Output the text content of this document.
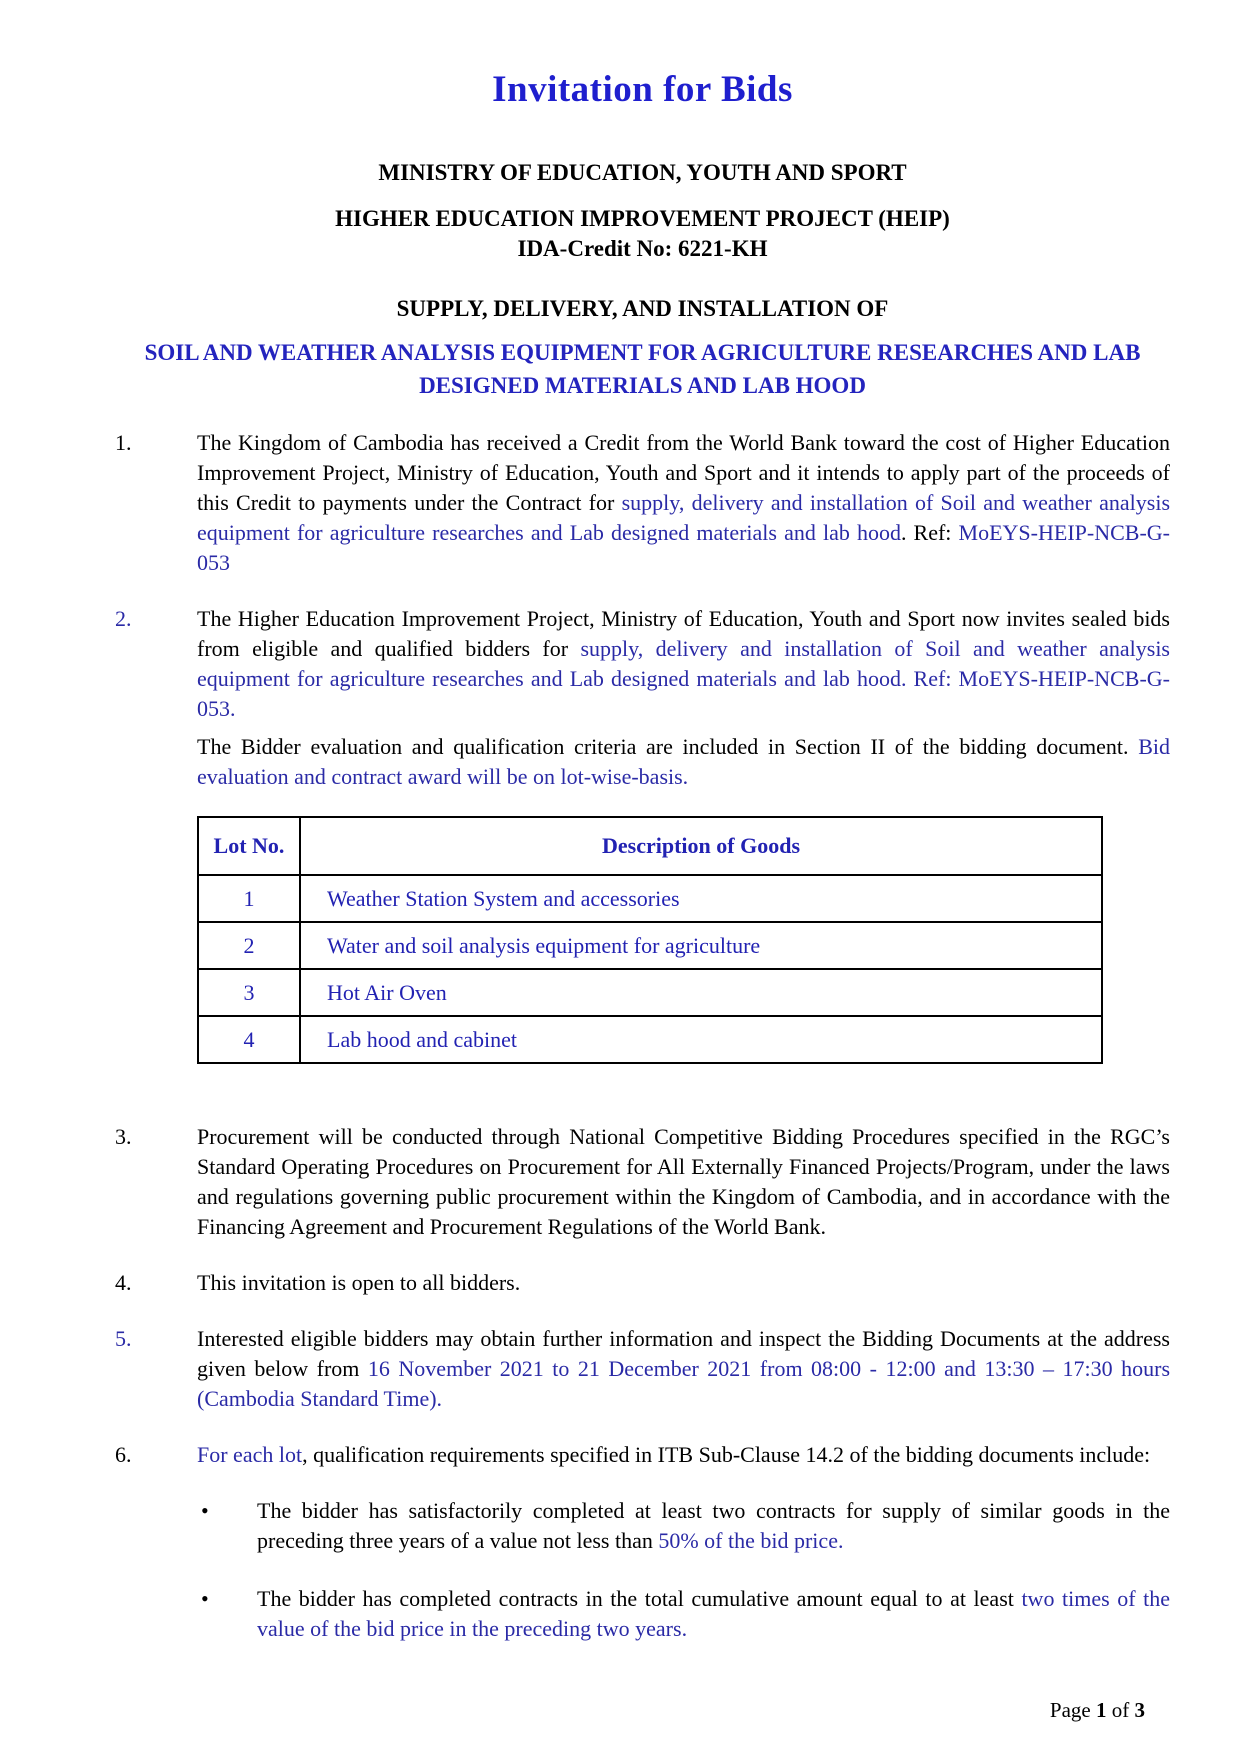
Invitation for Bids
MINISTRY OF EDUCATION, YOUTH AND SPORT
HIGHER EDUCATION IMPROVEMENT PROJECT (HEIP)
IDA-Credit No: 6221-KH
SUPPLY, DELIVERY, AND INSTALLATION OF
SOIL AND WEATHER ANALYSIS EQUIPMENT FOR AGRICULTURE RESEARCHES AND LAB DESIGNED MATERIALS AND LAB HOOD
1.	The Kingdom of Cambodia has received a Credit from the World Bank toward the cost of Higher Education Improvement Project, Ministry of Education, Youth and Sport and it intends to apply part of the proceeds of this Credit to payments under the Contract for supply, delivery and installation of Soil and weather analysis equipment for agriculture researches and Lab designed materials and lab hood. Ref: MoEYS-HEIP-NCB-G-053
2.	The Higher Education Improvement Project, Ministry of Education, Youth and Sport now invites sealed bids from eligible and qualified bidders for supply, delivery and installation of Soil and weather analysis equipment for agriculture researches and Lab designed materials and lab hood. Ref: MoEYS-HEIP-NCB-G-053.
The Bidder evaluation and qualification criteria are included in Section II of the bidding document. Bid evaluation and contract award will be on lot-wise-basis.
Lot No.	Description of Goods
1	Weather Station System and accessories
2	Water and soil analysis equipment for agriculture
3	Hot Air Oven
4	Lab hood and cabinet
3.	Procurement will be conducted through National Competitive Bidding Procedures specified in the RGC’s Standard Operating Procedures on Procurement for All Externally Financed Projects/Program, under the laws and regulations governing public procurement within the Kingdom of Cambodia, and in accordance with the Financing Agreement and Procurement Regulations of the World Bank.
4.	This invitation is open to all bidders.
5.	Interested eligible bidders may obtain further information and inspect the Bidding Documents at the address given below from 16 November 2021 to 21 December 2021 from 08:00 - 12:00 and 13:30 – 17:30 hours (Cambodia Standard Time).
6.	For each lot, qualification requirements specified in ITB Sub-Clause 14.2 of the bidding documents include:
•	The bidder has satisfactorily completed at least two contracts for supply of similar goods in the preceding three years of a value not less than 50% of the bid price.
•	The bidder has completed contracts in the total cumulative amount equal to at least two times of the value of the bid price in the preceding two years.
Page 1 of 3
